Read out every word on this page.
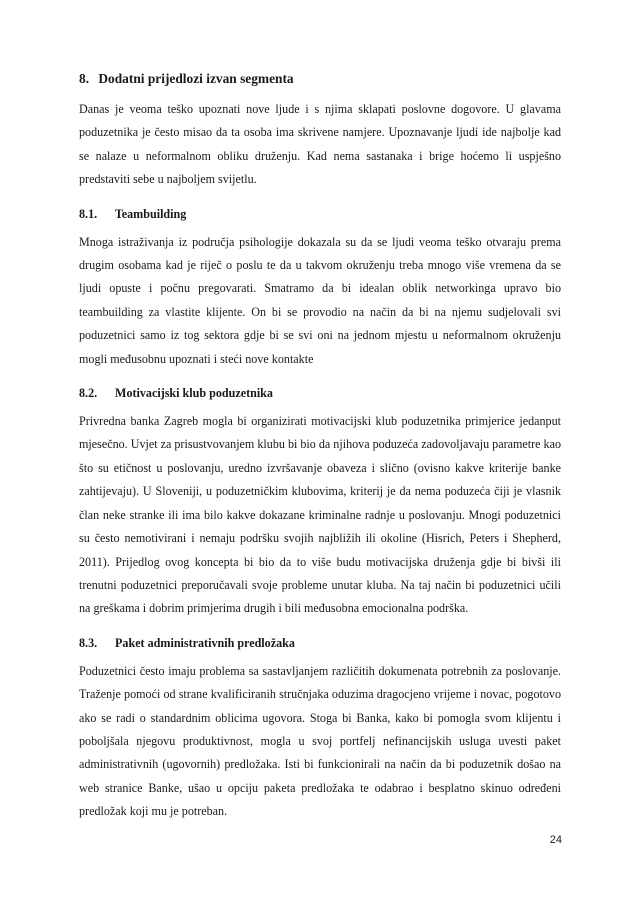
8. Dodatni prijedlozi izvan segmenta

Danas je veoma teško upoznati nove ljude i s njima sklapati poslovne dogovore. U glavama poduzetnika je često misao da ta osoba ima skrivene namjere. Upoznavanje ljudi ide najbolje kad se nalaze u neformalnom obliku druženju. Kad nema sastanaka i brige hoćemo li uspješno predstaviti sebe u najboljem svijetlu.

8.1. Teambuilding

Mnoga istraživanja iz područja psihologije dokazala su da se ljudi veoma teško otvaraju prema drugim osobama kad je riječ o poslu te da u takvom okruženju treba mnogo više vremena da se ljudi opuste i počnu pregovarati. Smatramo da bi idealan oblik networkinga upravo bio teambuilding za vlastite klijente. On bi se provodio na način da bi na njemu sudjelovali svi poduzetnici samo iz tog sektora gdje bi se svi oni na jednom mjestu u neformalnom okruženju mogli međusobnu upoznati i steći nove kontakte

8.2. Motivacijski klub poduzetnika

Privredna banka Zagreb mogla bi organizirati motivacijski klub poduzetnika primjerice jedanput mjesečno. Uvjet za prisustvovanjem klubu bi bio da njihova poduzeća zadovoljavaju parametre kao što su etičnost u poslovanju, uredno izvršavanje obaveza i slično (ovisno kakve kriterije banke zahtijevaju). U Sloveniji, u poduzetničkim klubovima, kriterij je da nema poduzeća čiji je vlasnik član neke stranke ili ima bilo kakve dokazane kriminalne radnje u poslovanju. Mnogi poduzetnici su često nemotivirani i nemaju podršku svojih najbližih ili okoline (Hisrich, Peters i Shepherd, 2011). Prijedlog ovog koncepta bi bio da to više budu motivacijska druženja gdje bi bivši ili trenutni poduzetnici preporučavali svoje probleme unutar kluba. Na taj način bi poduzetnici učili na greškama i dobrim primjerima drugih i bili međusobna emocionalna podrška.

8.3. Paket administrativnih predložaka

Poduzetnici često imaju problema sa sastavljanjem različitih dokumenata potrebnih za poslovanje. Traženje pomoći od strane kvalificiranih stručnjaka oduzima dragocjeno vrijeme i novac, pogotovo ako se radi o standardnim oblicima ugovora. Stoga bi Banka, kako bi pomogla svom klijentu i poboljšala njegovu produktivnost, mogla u svoj portfelj nefinancijskih usluga uvesti paket administrativnih (ugovornih) predložaka. Isti bi funkcionirali na način da bi poduzetnik došao na web stranice Banke, ušao u opciju paketa predložaka te odabrao i besplatno skinuo određeni predložak koji mu je potreban.

24
